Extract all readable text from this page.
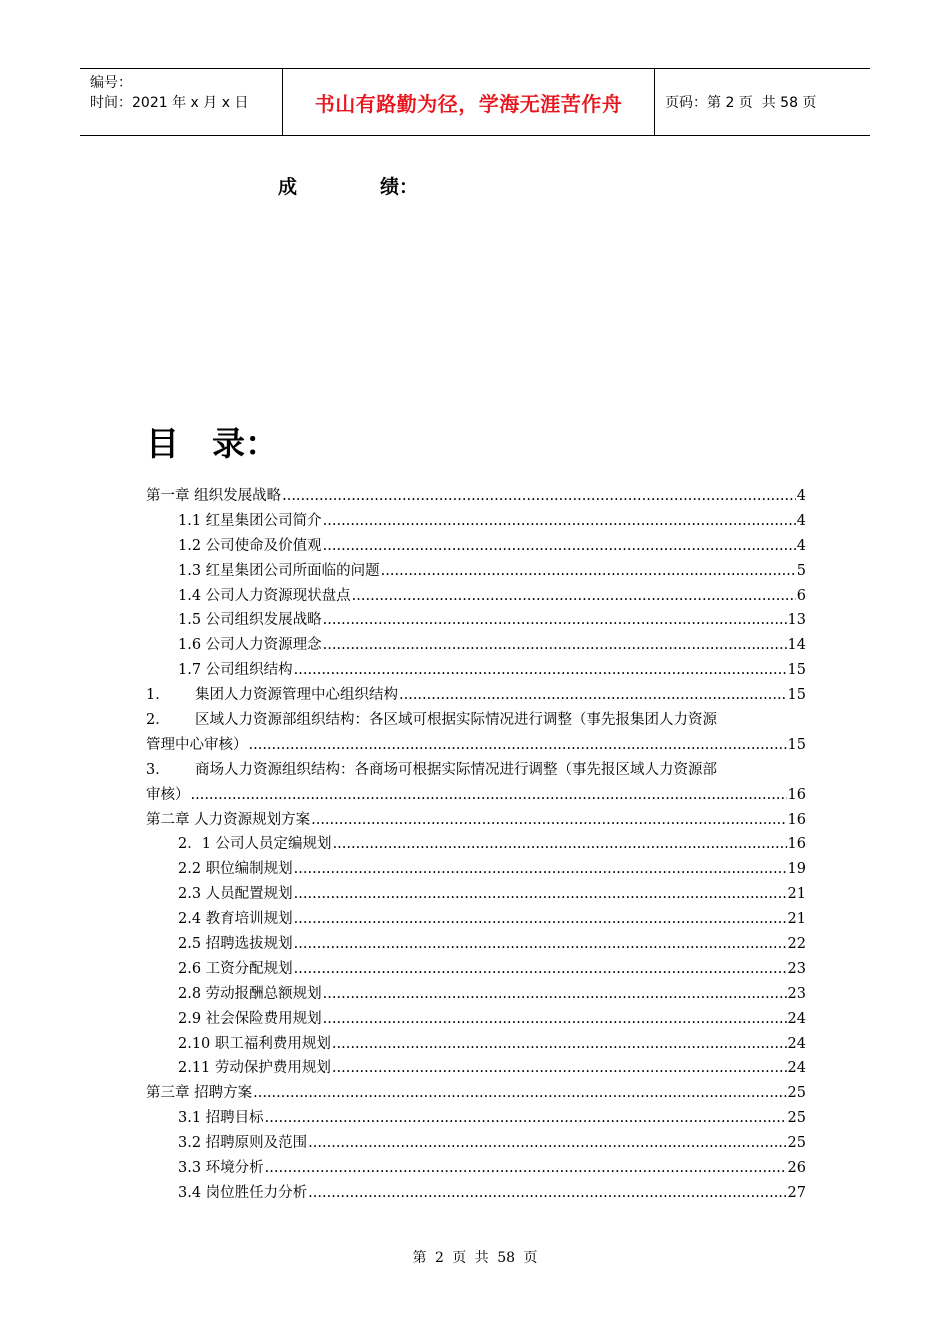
编号：
时间：2021 年 x 月 x 日	书山有路勤为径，学海无涯苦作舟	页码：第 2 页  共 58 页
成	绩：
目 录：
第一章 组织发展战略 .....	4
1.1 红星集团公司简介 .....	4
1.2 公司使命及价值观 .....	4
1.3 红星集团公司所面临的问题 .....	5
1.4 公司人力资源现状盘点 .....	6
1.5 公司组织发展战略 .....	13
1.6 公司人力资源理念 .....	14
1.7 公司组织结构 .....	15
1． 集团人力资源管理中心组织结构 .....	15
2． 区域人力资源部组织结构：各区域可根据实际情况进行调整（事先报集团人力资源
管理中心审核） .....	15
3． 商场人力资源组织结构：各商场可根据实际情况进行调整（事先报区域人力资源部
审核） .....	16
第二章 人力资源规划方案 .....	16
2．1 公司人员定编规划 .....	16
2.2 职位编制规划 .....	19
2.3 人员配置规划 .....	21
2.4 教育培训规划 .....	21
2.5 招聘选拔规划 .....	22
2.6 工资分配规划 .....	23
2.8 劳动报酬总额规划 .....	23
2.9 社会保险费用规划 .....	24
2.10 职工福利费用规划 .....	24
2.11 劳动保护费用规划 .....	24
第三章 招聘方案 .....	25
3.1 招聘目标 .....	25
3.2 招聘原则及范围 .....	25
3.3 环境分析 .....	26
3.4 岗位胜任力分析 .....	27
第 2 页 共 58 页
